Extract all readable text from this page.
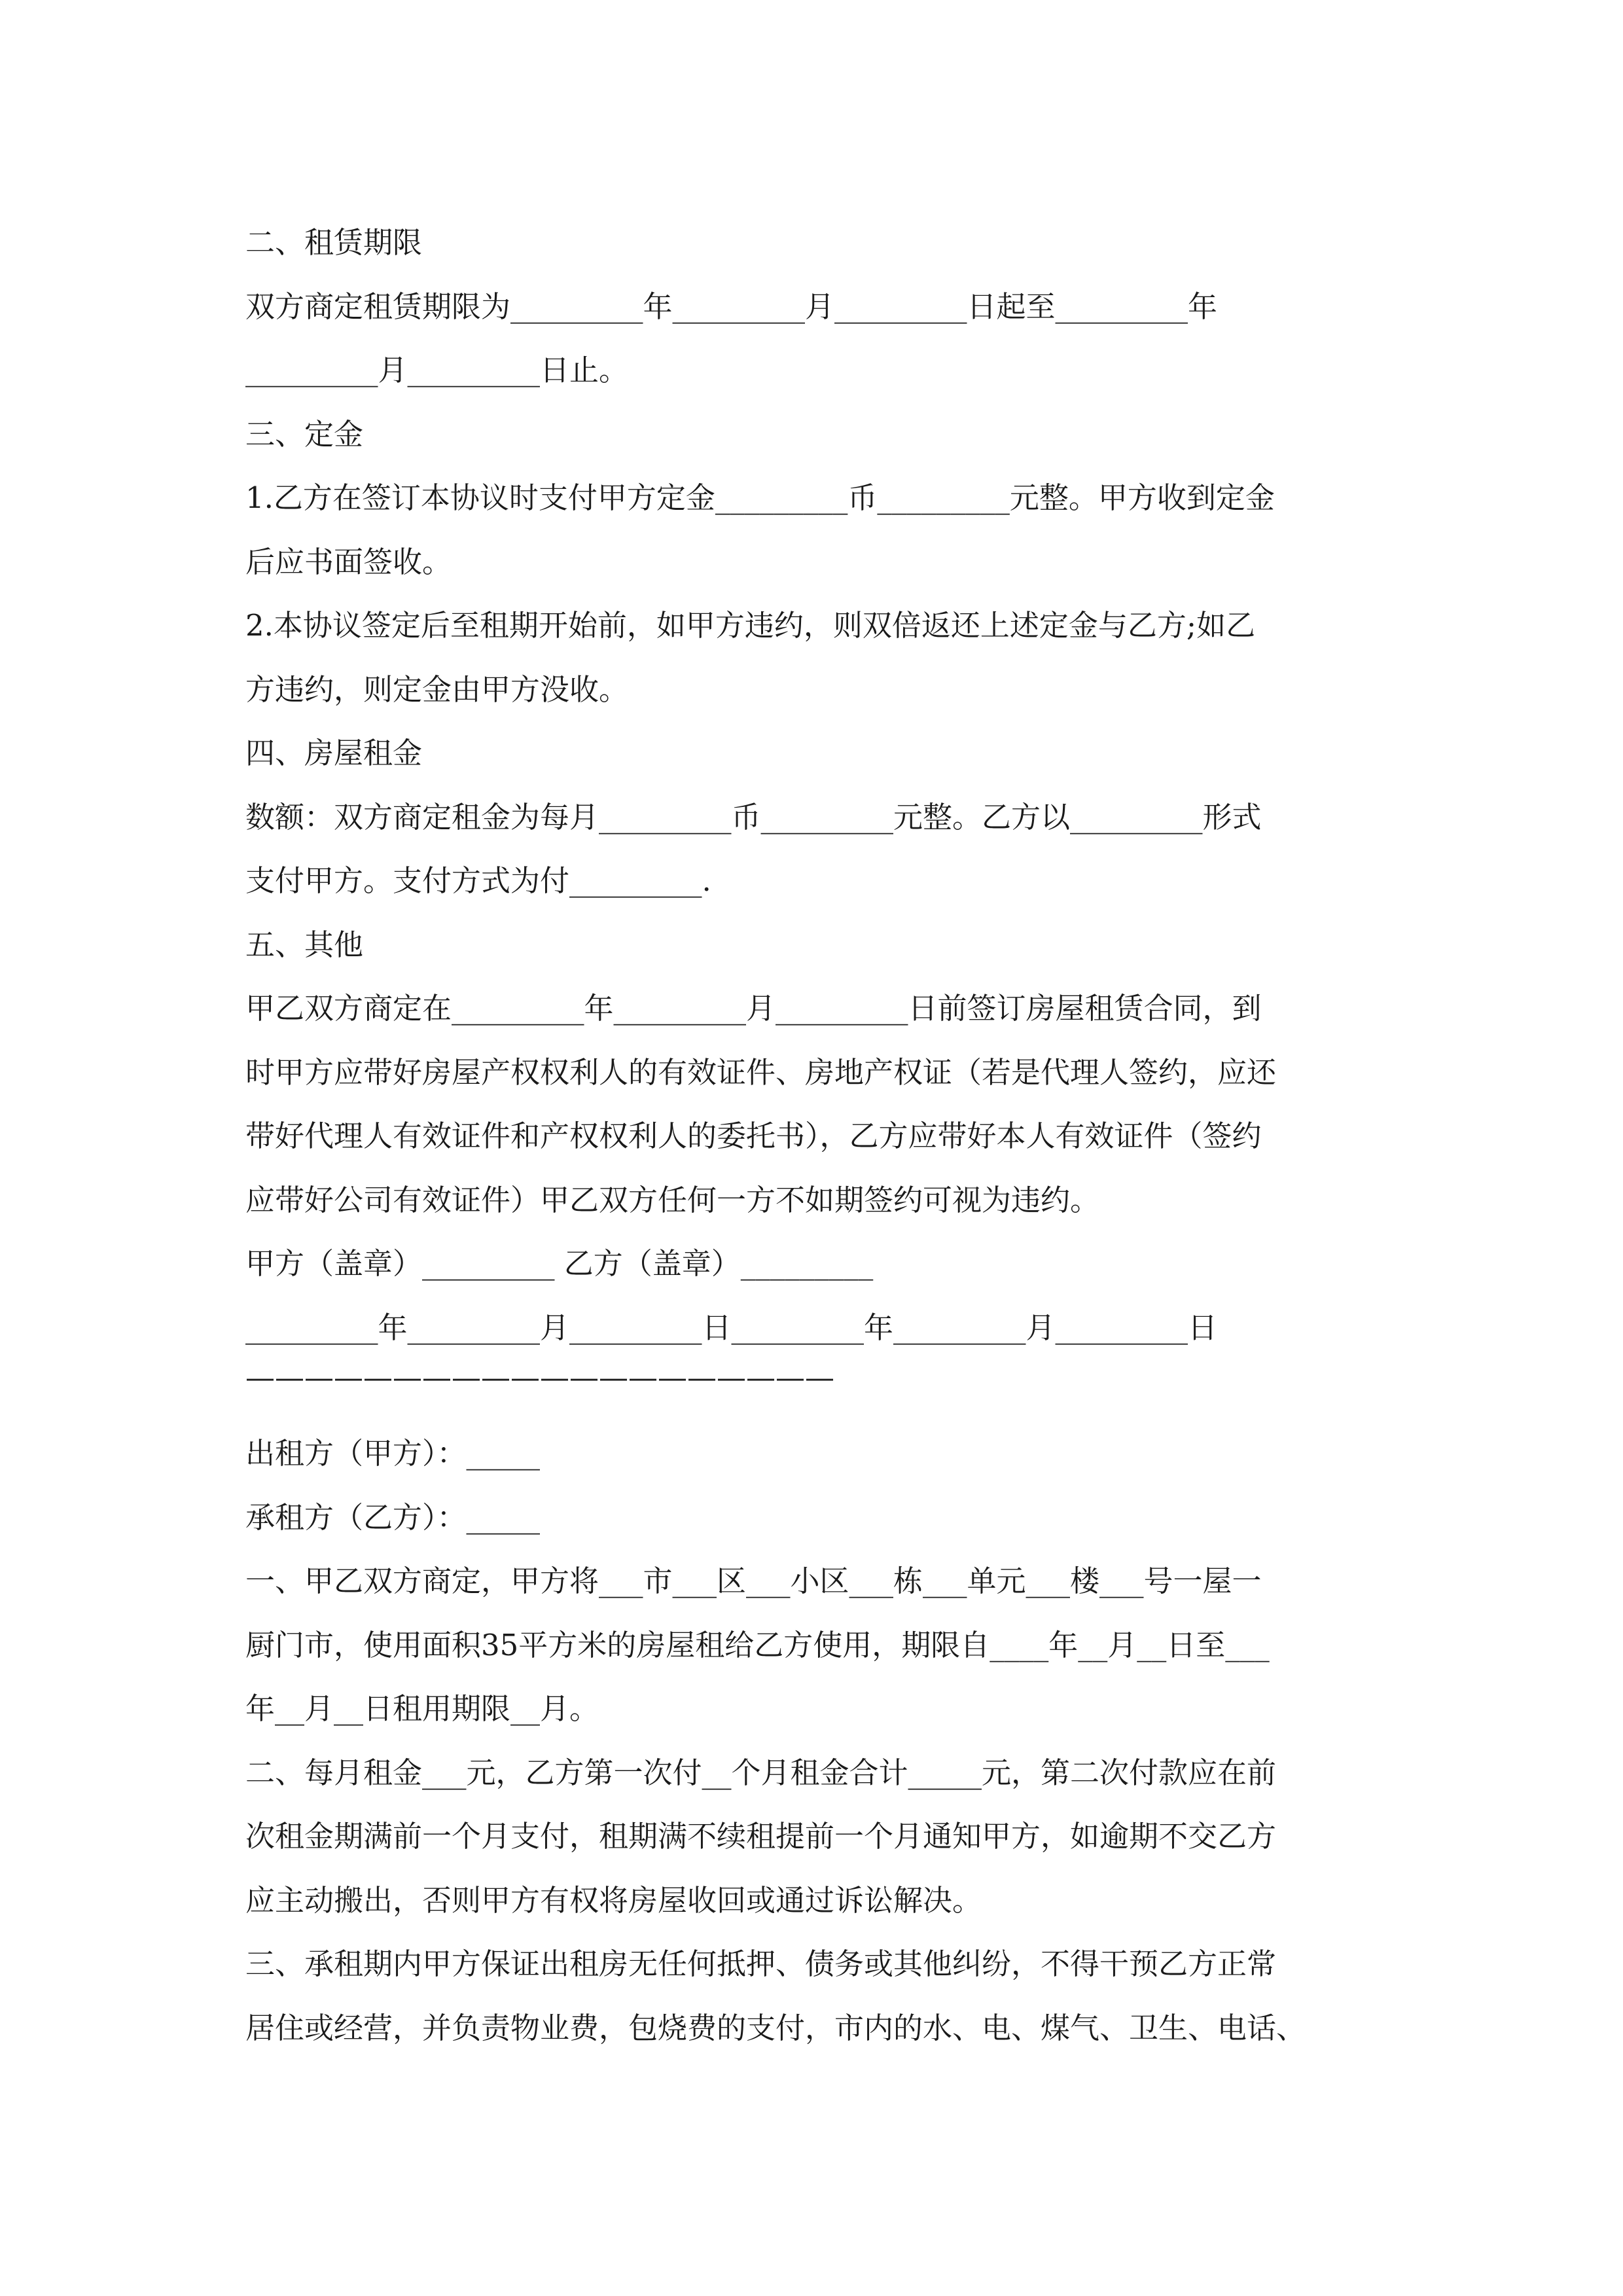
二、租赁期限
双方商定租赁期限为_________年_________月_________日起至_________年
_________月_________日止。
三、定金
1.乙方在签订本协议时支付甲方定金_________币_________元整。甲方收到定金
后应书面签收。
2.本协议签定后至租期开始前，如甲方违约，则双倍返还上述定金与乙方;如乙
方违约，则定金由甲方没收。
四、房屋租金
数额：双方商定租金为每月_________币_________元整。乙方以_________形式
支付甲方。支付方式为付_________.
五、其他
甲乙双方商定在_________年_________月_________日前签订房屋租赁合同，到
时甲方应带好房屋产权权利人的有效证件、房地产权证（若是代理人签约，应还
带好代理人有效证件和产权权利人的委托书），乙方应带好本人有效证件（签约
应带好公司有效证件）甲乙双方任何一方不如期签约可视为违约。
甲方（盖章）_________ 乙方（盖章）_________
_________年_________月_________日_________年_________月_________日
————————————————————
出租方（甲方）：_____
承租方（乙方）：_____
一、甲乙双方商定，甲方将___市___区___小区___栋___单元___楼___号一屋一
厨门市，使用面积35平方米的房屋租给乙方使用，期限自____年__月__日至___
年__月__日租用期限__月。
二、每月租金___元，乙方第一次付__个月租金合计_____元，第二次付款应在前
次租金期满前一个月支付，租期满不续租提前一个月通知甲方，如逾期不交乙方
应主动搬出，否则甲方有权将房屋收回或通过诉讼解决。
三、承租期内甲方保证出租房无任何抵押、债务或其他纠纷，不得干预乙方正常
居住或经营，并负责物业费，包烧费的支付，市内的水、电、煤气、卫生、电话、
